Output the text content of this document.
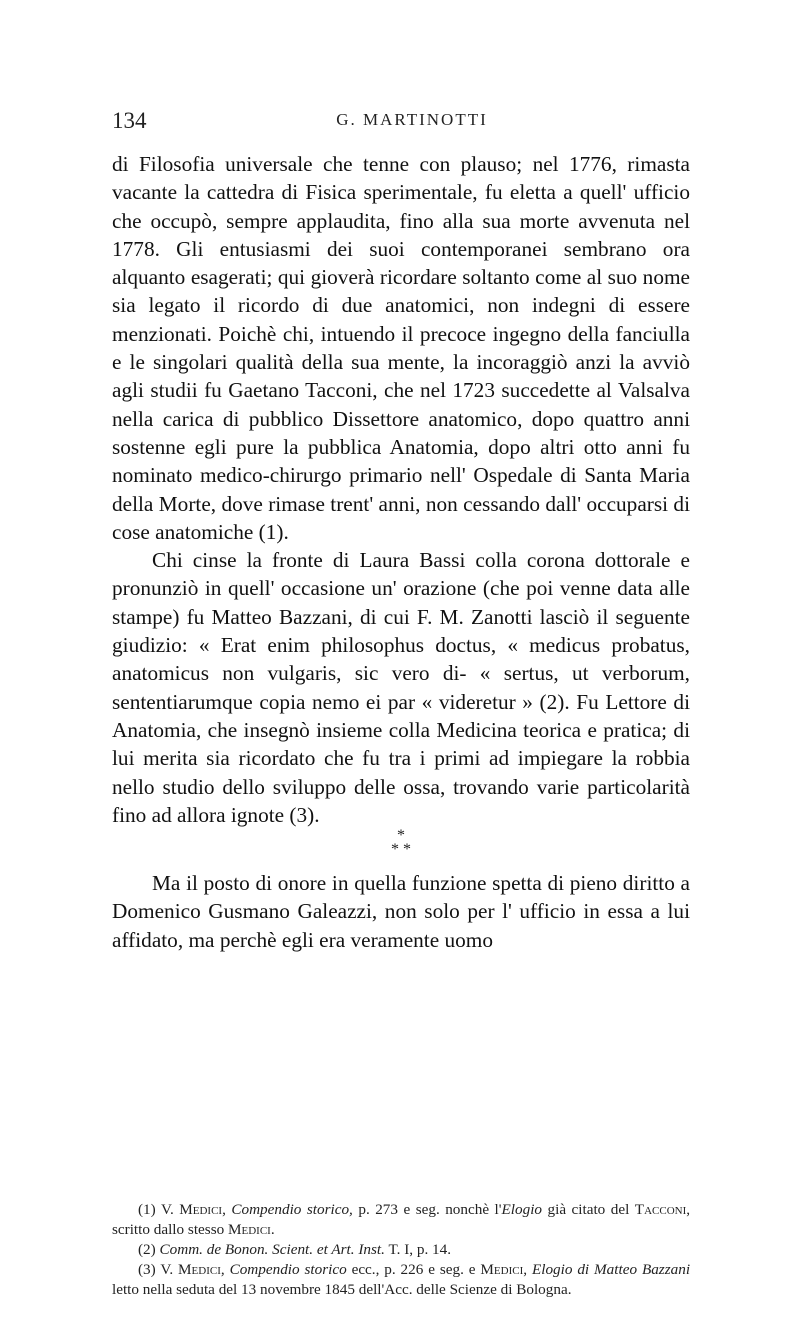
134	G. MARTINOTTI

di Filosofia universale che tenne con plauso; nel 1776, rimasta vacante la cattedra di Fisica sperimentale, fu eletta a quell' ufficio che occupò, sempre applaudita, fino alla sua morte avvenuta nel 1778. Gli entusiasmi dei suoi contemporanei sembrano ora alquanto esagerati; qui gioverà ricordare soltanto come al suo nome sia legato il ricordo di due anatomici, non indegni di essere menzionati. Poichè chi, intuendo il precoce ingegno della fanciulla e le singolari qualità della sua mente, la incoraggiò anzi la avviò agli studii fu Gaetano Tacconi, che nel 1723 succedette al Valsalva nella carica di pubblico Dissettore anatomico, dopo quattro anni sostenne egli pure la pubblica Anatomia, dopo altri otto anni fu nominato medico-chirurgo primario nell' Ospedale di Santa Maria della Morte, dove rimase trent' anni, non cessando dall' occuparsi di cose anatomiche (1).

Chi cinse la fronte di Laura Bassi colla corona dottorale e pronunziò in quell' occasione un' orazione (che poi venne data alle stampe) fu Matteo Bazzani, di cui F. M. Zanotti lasciò il seguente giudizio: « Erat enim philosophus doctus, « medicus probatus, anatomicus non vulgaris, sic vero di- « sertus, ut verborum, sententiarumque copia nemo ei par « videretur » (2). Fu Lettore di Anatomia, che insegnò insieme colla Medicina teorica e pratica; di lui merita sia ricordato che fu tra i primi ad impiegare la robbia nello studio dello sviluppo delle ossa, trovando varie particolarità fino ad allora ignote (3).

*
* *

Ma il posto di onore in quella funzione spetta di pieno diritto a Domenico Gusmano Galeazzi, non solo per l' ufficio in essa a lui affidato, ma perchè egli era veramente uomo

(1) V. Medici, Compendio storico, p. 273 e seg. nonchè l'Elogio già citato del Tacconi, scritto dallo stesso Medici.

(2) Comm. de Bonon. Scient. et Art. Inst. T. I, p. 14.

(3) V. Medici, Compendio storico ecc., p. 226 e seg. e Medici, Elogio di Matteo Bazzani letto nella seduta del 13 novembre 1845 dell'Acc. delle Scienze di Bologna.
